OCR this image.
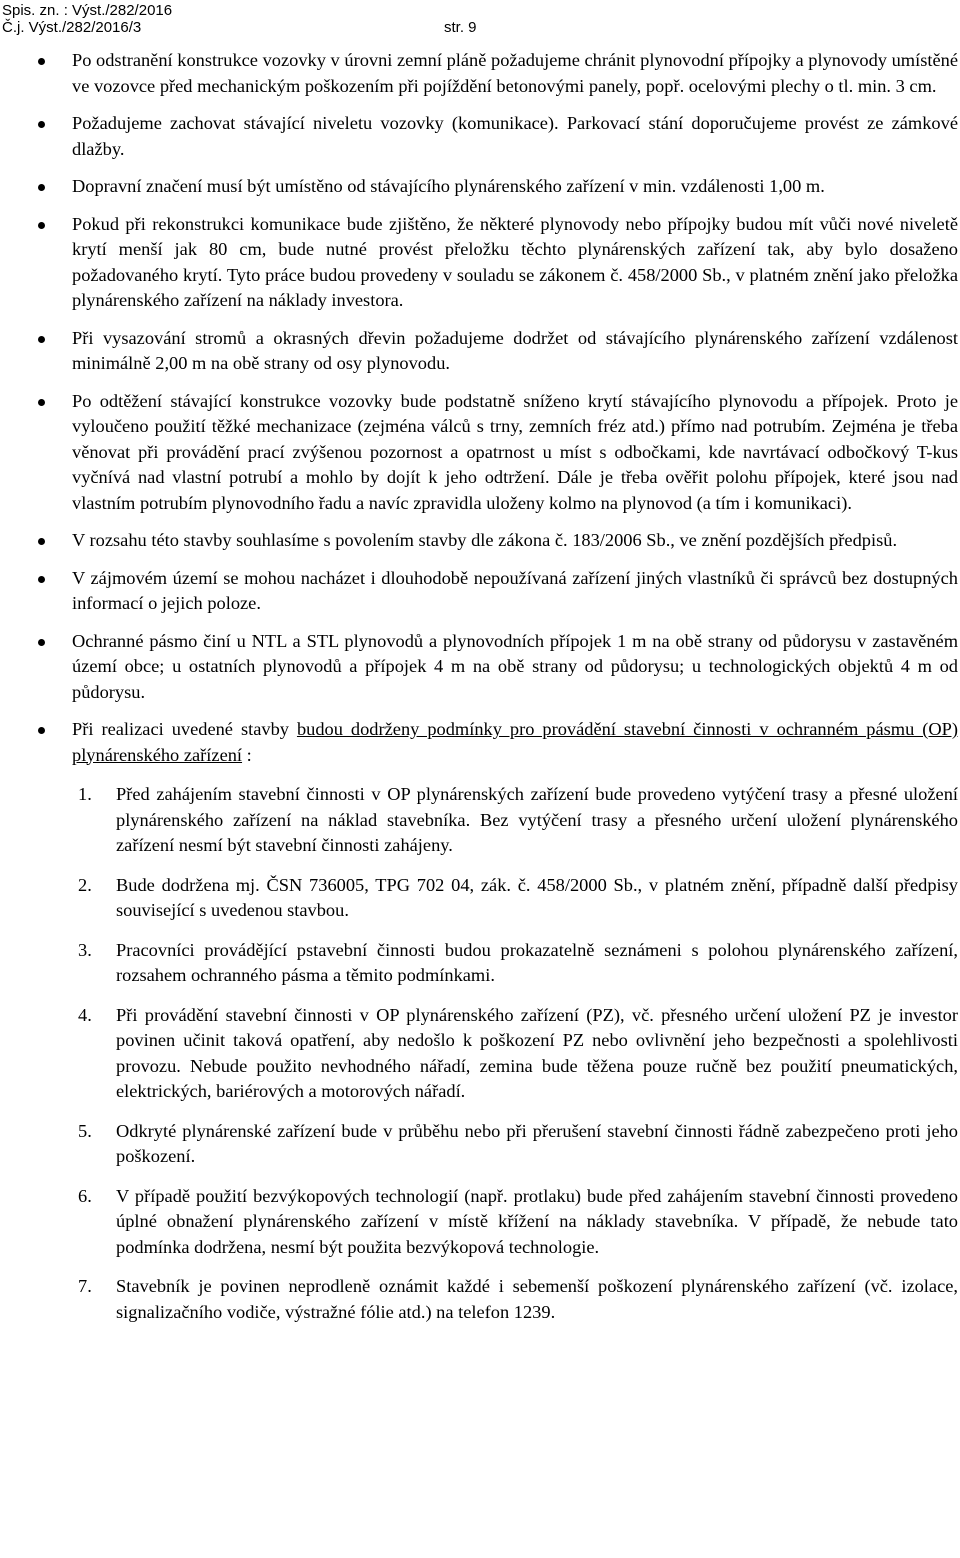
Spis. zn. : Výst./282/2016
Č.j. Výst./282/2016/3	str. 9
Po odstranění konstrukce vozovky v úrovni zemní pláně požadujeme chránit plynovodní přípojky a plynovody umístěné ve vozovce před mechanickým poškozením při pojíždění betonovými panely, popř. ocelovými plechy o tl. min. 3 cm.
Požadujeme zachovat stávající niveletu vozovky (komunikace). Parkovací stání doporučujeme provést ze zámkové dlažby.
Dopravní značení musí být umístěno od stávajícího plynárenského zařízení v min. vzdálenosti 1,00 m.
Pokud při rekonstrukci komunikace bude zjištěno, že některé plynovody nebo přípojky budou mít vůči nové niveletě krytí menší jak 80 cm, bude nutné provést přeložku těchto plynárenských zařízení tak, aby bylo dosaženo požadovaného krytí. Tyto práce budou provedeny v souladu se zákonem č. 458/2000 Sb., v platném znění jako přeložka plynárenského zařízení na náklady investora.
Při vysazování stromů a okrasných dřevin požadujeme dodržet od stávajícího plynárenského zařízení vzdálenost minimálně 2,00 m na obě strany od osy plynovodu.
Po odtěžení stávající konstrukce vozovky bude podstatně sníženo krytí stávajícího plynovodu a přípojek. Proto je vyloučeno použití těžké mechanizace (zejména válců s trny, zemních fréz atd.) přímo nad potrubím. Zejména je třeba věnovat při provádění prací zvýšenou pozornost a opatrnost u míst s odbočkami, kde navrtávací odbočkový T-kus vyčnívá nad vlastní potrubí a mohlo by dojít k jeho odtržení. Dále je třeba ověřit polohu přípojek, které jsou nad vlastním potrubím plynovodního řadu a navíc zpravidla uloženy kolmo na plynovod (a tím i komunikaci).
V rozsahu této stavby souhlasíme s povolením stavby dle zákona č. 183/2006 Sb., ve znění pozdějších předpisů.
V zájmovém území se mohou nacházet i dlouhodobě nepoužívaná zařízení jiných vlastníků či správců bez dostupných informací o jejich poloze.
Ochranné pásmo činí u NTL a STL plynovodů a plynovodních přípojek 1 m na obě strany od půdorysu v zastavěném území obce; u ostatních plynovodů a přípojek 4 m na obě strany od půdorysu; u technologických objektů 4 m od půdorysu.
Při realizaci uvedené stavby budou dodrženy podmínky pro provádění stavební činnosti v ochranném pásmu (OP) plynárenského zařízení :
1. Před zahájením stavební činnosti v OP plynárenských zařízení bude provedeno vytýčení trasy a přesné uložení plynárenského zařízení na náklad stavebníka. Bez vytýčení trasy a přesného určení uložení plynárenského zařízení nesmí být stavební činnosti zahájeny.
2. Bude dodržena mj. ČSN 736005, TPG 702 04, zák. č. 458/2000 Sb., v platném znění, případně další předpisy související s uvedenou stavbou.
3. Pracovníci provádějící pstavební činnosti budou prokazatelně seznámeni s polohou plynárenského zařízení, rozsahem ochranného pásma a těmito podmínkami.
4. Při provádění stavební činnosti v OP plynárenského zařízení (PZ), vč. přesného určení uložení PZ je investor povinen učinit taková opatření, aby nedošlo k poškození PZ nebo ovlivnění jeho bezpečnosti a spolehlivosti provozu. Nebude použito nevhodného nářadí, zemina bude těžena pouze ručně bez použití pneumatických, elektrických, bariérových a motorových nářadí.
5. Odkryté plynárenské zařízení bude v průběhu nebo při přerušení stavební činnosti řádně zabezpečeno proti jeho poškození.
6. V případě použití bezvýkopových technologií (např. protlaku) bude před zahájením stavební činnosti provedeno úplné obnažení plynárenského zařízení v místě křížení na náklady stavebníka. V případě, že nebude tato podmínka dodržena, nesmí být použita bezvýkopová technologie.
7. Stavebník je povinen neprodleně oznámit každé i sebemenší poškození plynárenského zařízení (vč. izolace, signalizačního vodiče, výstražné fólie atd.) na telefon 1239.
